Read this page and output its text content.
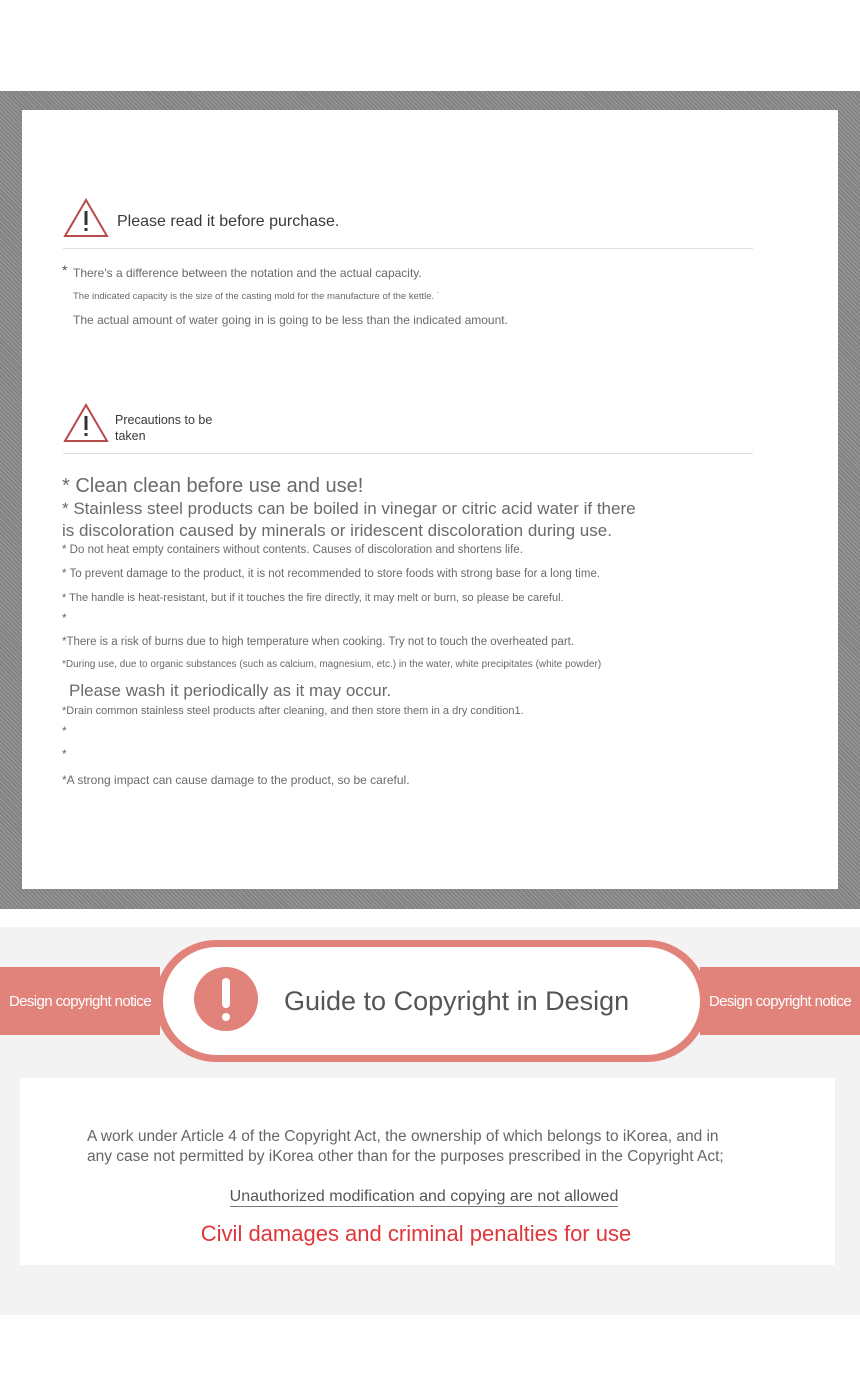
Please read it before purchase.
* There's a difference between the notation and the actual capacity.
The indicated capacity is the size of the casting mold for the manufacture of the kettle. ˙
The actual amount of water going in is going to be less than the indicated amount.
Precautions to be
taken
* Clean clean before use and use!
* Stainless steel products can be boiled in vinegar or citric acid water if there
is discoloration caused by minerals or iridescent discoloration during use.
* Do not heat empty containers without contents. Causes of discoloration and shortens life.
* To prevent damage to the product, it is not recommended to store foods with strong base for a long time.
* The handle is heat-resistant, but if it touches the fire directly, it may melt or burn, so please be careful.
*
*There is a risk of burns due to high temperature when cooking. Try not to touch the overheated part.
*During use, due to organic substances (such as calcium, magnesium, etc.) in the water, white precipitates (white powder)
Please wash it periodically as it may occur.
*Drain common stainless steel products after cleaning, and then store them in a dry condition1.
*
*
*A strong impact can cause damage to the product, so be careful.
Design copyright notice	Design copyright notice
Guide to Copyright in Design
A work under Article 4 of the Copyright Act, the ownership of which belongs to iKorea, and in
any case not permitted by iKorea other than for the purposes prescribed in the Copyright Act;
Unauthorized modification and copying are not allowed
Civil damages and criminal penalties for use
